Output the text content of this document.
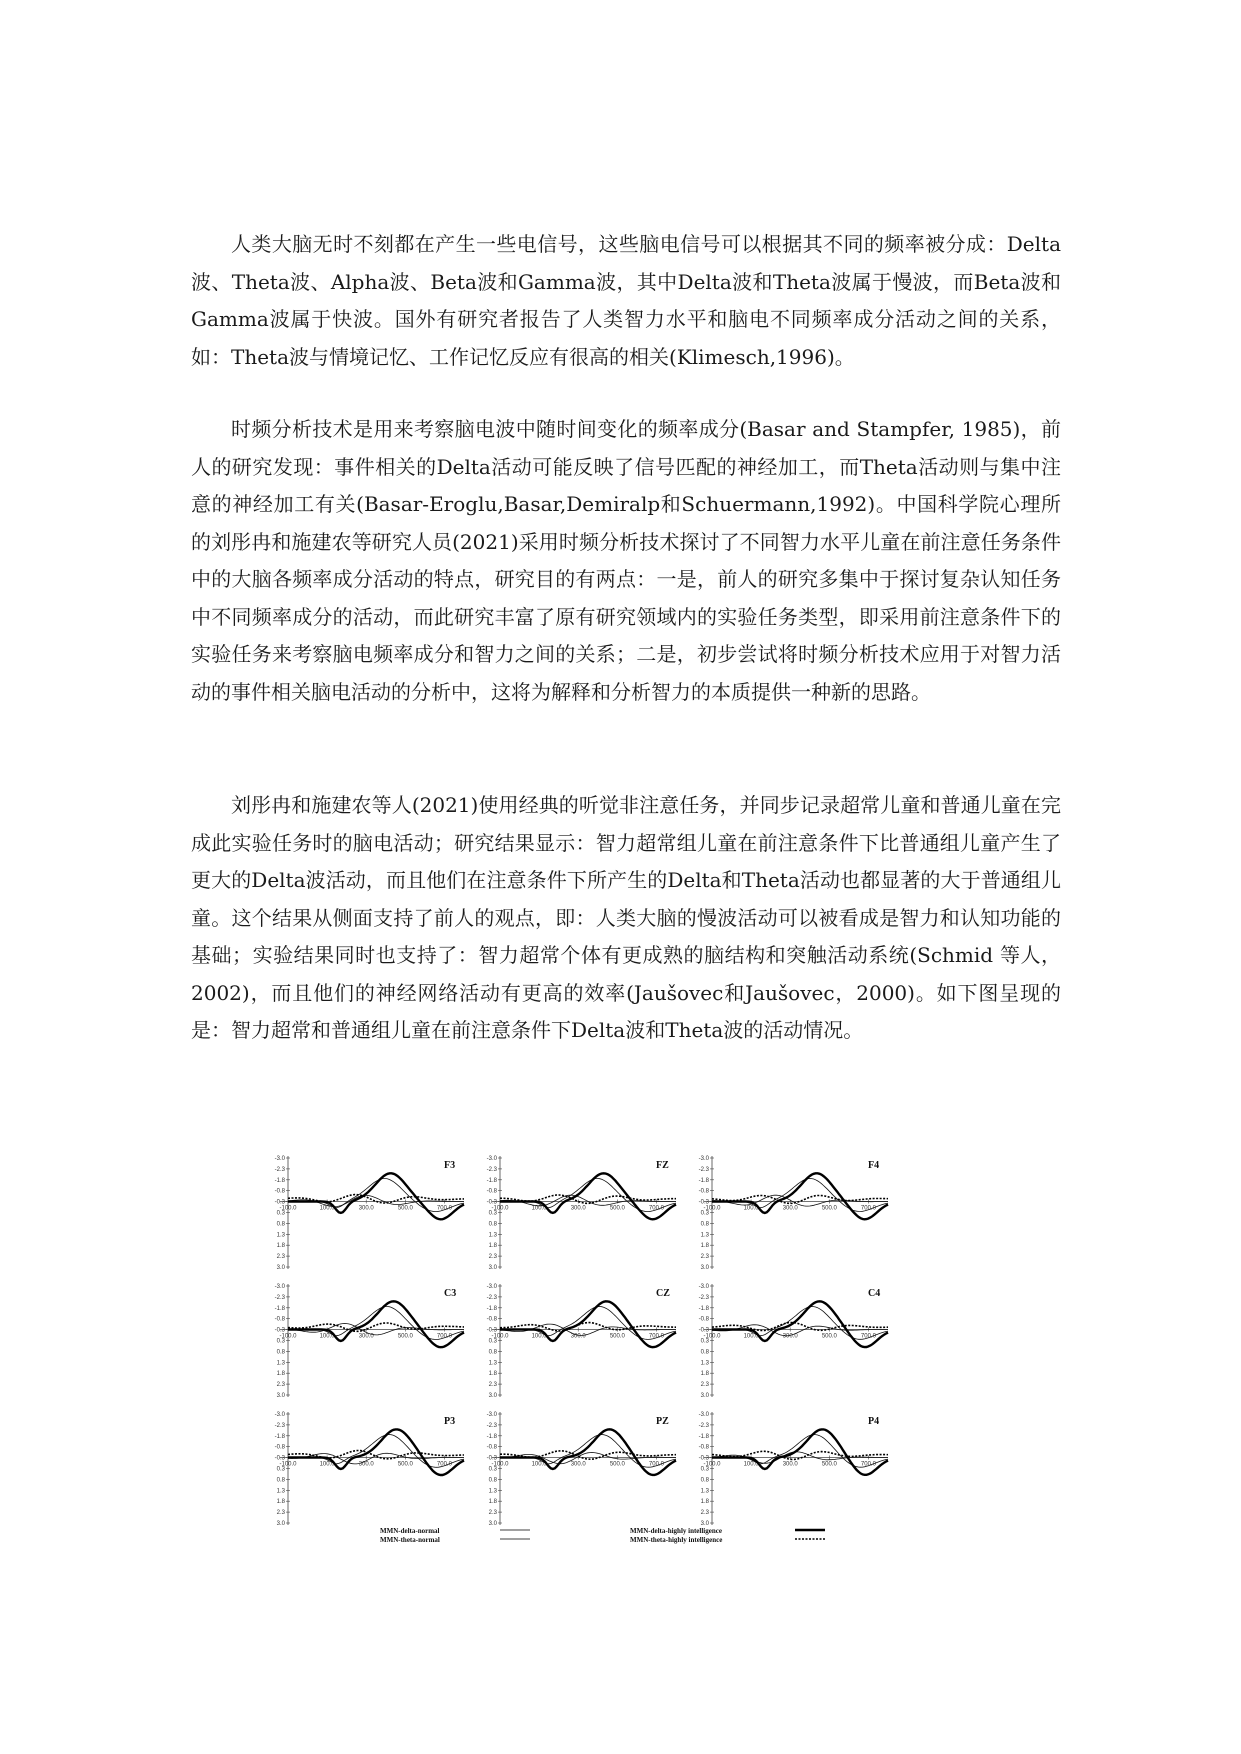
人类大脑无时不刻都在产生一些电信号，这些脑电信号可以根据其不同的频率被分成：Delta波、Theta波、Alpha波、Beta波和Gamma波，其中Delta波和Theta波属于慢波，而Beta波和Gamma波属于快波。国外有研究者报告了人类智力水平和脑电不同频率成分活动之间的关系，如：Theta波与情境记忆、工作记忆反应有很高的相关(Klimesch,1996)。

时频分析技术是用来考察脑电波中随时间变化的频率成分(Basar and Stampfer, 1985)，前人的研究发现：事件相关的Delta活动可能反映了信号匹配的神经加工，而Theta活动则与集中注意的神经加工有关(Basar-Eroglu,Basar,Demiralp和Schuermann,1992)。中国科学院心理所的刘彤冉和施建农等研究人员(2021)采用时频分析技术探讨了不同智力水平儿童在前注意任务条件中的大脑各频率成分活动的特点，研究目的有两点：一是，前人的研究多集中于探讨复杂认知任务中不同频率成分的活动，而此研究丰富了原有研究领域内的实验任务类型，即采用前注意条件下的实验任务来考察脑电频率成分和智力之间的关系；二是，初步尝试将时频分析技术应用于对智力活动的事件相关脑电活动的分析中，这将为解释和分析智力的本质提供一种新的思路。

刘彤冉和施建农等人(2021)使用经典的听觉非注意任务，并同步记录超常儿童和普通儿童在完成此实验任务时的脑电活动；研究结果显示：智力超常组儿童在前注意条件下比普通组儿童产生了更大的Delta波活动，而且他们在注意条件下所产生的Delta和Theta活动也都显著的大于普通组儿童。这个结果从侧面支持了前人的观点，即：人类大脑的慢波活动可以被看成是智力和认知功能的基础；实验结果同时也支持了：智力超常个体有更成熟的脑结构和突触活动系统(Schmid 等人，2002)，而且他们的神经网络活动有更高的效率(Jaušovec和Jaušovec，2000)。如下图呈现的是：智力超常和普通组儿童在前注意条件下Delta波和Theta波的活动情况。

-3.0
-2.3
-1.8
-0.8
-0.3
0.3
0.8
1.3
1.8
2.3
3.0
-100.0	100.0	300.0	500.0	700.0
F3
-3.0
-2.3
-1.8
-0.8
-0.3
0.3
0.8
1.3
1.8
2.3
3.0
-100.0	100.0	300.0	500.0	700.0
FZ
-3.0
-2.3
-1.8
-0.8
-0.3
0.3
0.8
1.3
1.8
2.3
3.0
-100.0	100.0	300.0	500.0	700.0
F4
-3.0
-2.3
-1.8
-0.8
-0.3
0.3
0.8
1.3
1.8
2.3
3.0
-100.0	100.0	300.0	500.0	700.0
C3
-3.0
-2.3
-1.8
-0.8
-0.3
0.3
0.8
1.3
1.8
2.3
3.0
-100.0	100.0	300.0	500.0	700.0
CZ
-3.0
-2.3
-1.8
-0.8
-0.3
0.3
0.8
1.3
1.8
2.3
3.0
-100.0	100.0	300.0	500.0	700.0
C4
-3.0
-2.3
-1.8
-0.8
-0.3
0.3
0.8
1.3
1.8
2.3
3.0
-100.0	100.0	300.0	500.0	700.0
P3
-3.0
-2.3
-1.8
-0.8
-0.3
0.3
0.8
1.3
1.8
2.3
3.0
-100.0	100.0	300.0	500.0	700.0
PZ
-3.0
-2.3
-1.8
-0.8
-0.3
0.3
0.8
1.3
1.8
2.3
3.0
-100.0	100.0	300.0	500.0	700.0
P4
MMN-delta-normal
MMN-theta-normal
MMN-delta-highly intelligence
MMN-theta-highly intelligence
